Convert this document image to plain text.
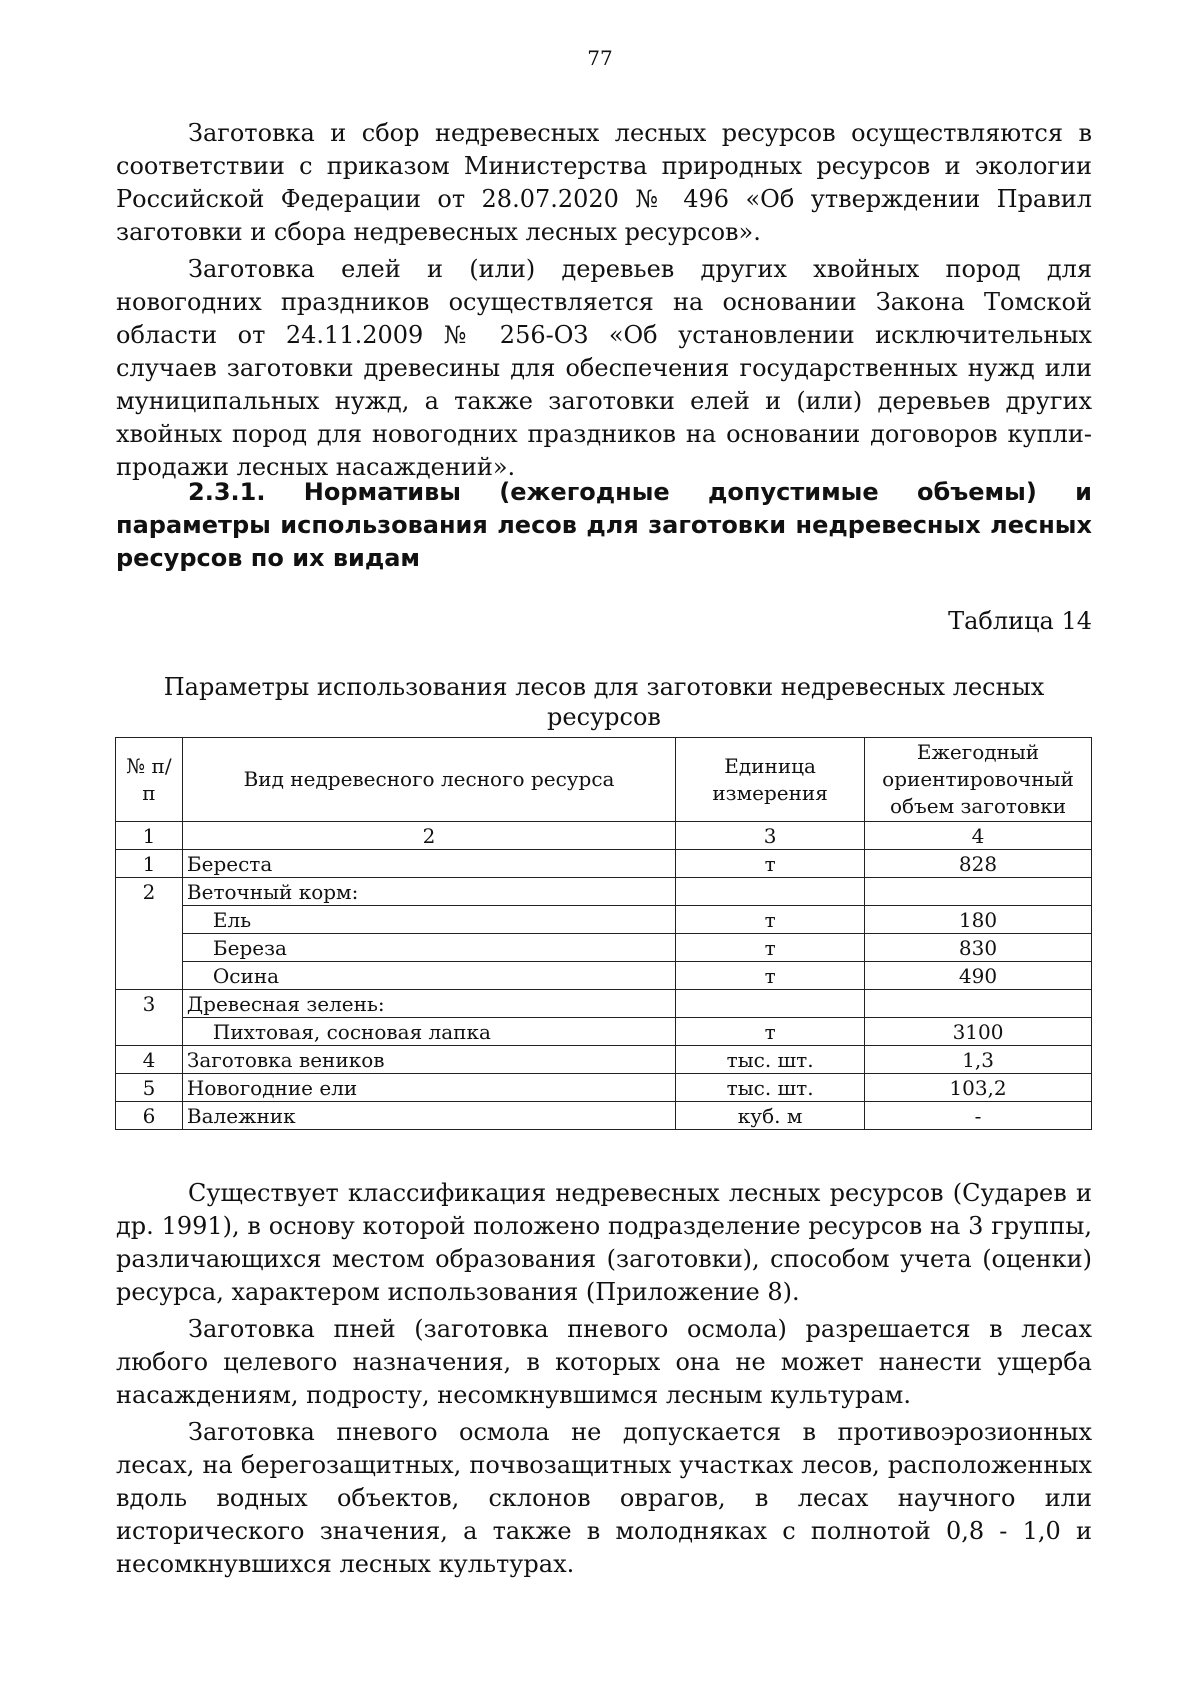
77

Заготовка и сбор недревесных лесных ресурсов осуществляются в соответствии с приказом Министерства природных ресурсов и экологии Российской Федерации от 28.07.2020 № 496 «Об утверждении Правил заготовки и сбора недревесных лесных ресурсов».

Заготовка елей и (или) деревьев других хвойных пород для новогодних праздников осуществляется на основании Закона Томской области от 24.11.2009 № 256-ОЗ «Об установлении исключительных случаев заготовки древесины для обеспечения государственных нужд или муниципальных нужд, а также заготовки елей и (или) деревьев других хвойных пород для новогодних праздников на основании договоров купли-продажи лесных насаждений».

2.3.1. Нормативы (ежегодные допустимые объемы) и параметры использования лесов для заготовки недревесных лесных ресурсов по их видам

Таблица 14
Параметры использования лесов для заготовки недревесных лесных ресурсов
№ п/п	Вид недревесного лесного ресурса	Единица измерения	Ежегодный ориентировочный объем заготовки
1	2	3	4
1	Береста	т	828
2	Веточный корм:		
	Ель	т	180
	Береза	т	830
	Осина	т	490
3	Древесная зелень:		
	Пихтовая, сосновая лапка	т	3100
4	Заготовка веников	тыс. шт.	1,3
5	Новогодние ели	тыс. шт.	103,2
6	Валежник	куб. м	-

Существует классификация недревесных лесных ресурсов (Сударев и др. 1991), в основу которой положено подразделение ресурсов на 3 группы, различающихся местом образования (заготовки), способом учета (оценки) ресурса, характером использования (Приложение 8).

Заготовка пней (заготовка пневого осмола) разрешается в лесах любого целевого назначения, в которых она не может нанести ущерба насаждениям, подросту, несомкнувшимся лесным культурам.

Заготовка пневого осмола не допускается в противоэрозионных лесах, на берегозащитных, почвозащитных участках лесов, расположенных вдоль водных объектов, склонов оврагов, в лесах научного или исторического значения, а также в молодняках с полнотой 0,8 - 1,0 и несомкнувшихся лесных культурах.
